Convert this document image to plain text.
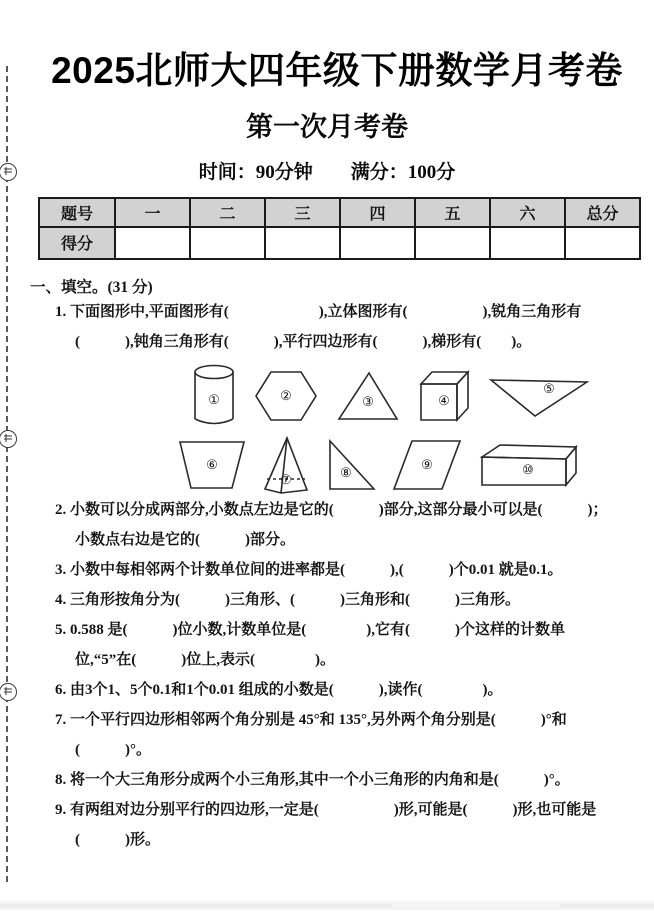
2025北师大四年级下册数学月考卷
第一次月考卷
时间：90分钟　　满分：100分
题号	一	二	三	四	五	六	总分
得分							
一、填空。(31 分)
1. 下面图形中,平面图形有(　　　　　　),立体图形有(　　　　　),锐角三角形有
(　　　),钝角三角形有(　　　),平行四边形有(　　　),梯形有(　　)。
①	②	③	④
⑤
⑥
⑦	⑧
⑨	⑩
2. 小数可以分成两部分,小数点左边是它的(　　　)部分,这部分最小可以是(　　　)；
小数点右边是它的(　　　)部分。
3. 小数中每相邻两个计数单位间的进率都是(　　　),(　　　)个0.01 就是0.1。
4. 三角形按角分为(　　　)三角形、(　　　)三角形和(　　　)三角形。
5. 0.588 是(　　　)位小数,计数单位是(　　　　),它有(　　　)个这样的计数单
位,“5”在(　　　)位上,表示(　　　　)。
6. 由3个1、5个0.1和1个0.01 组成的小数是(　　　),读作(　　　　)。
7. 一个平行四边形相邻两个角分别是 45°和 135°,另外两个角分别是(　　　)°和
(　　　)°。
8. 将一个大三角形分成两个小三角形,其中一个小三角形的内角和是(　　　)°。
9. 有两组对边分别平行的四边形,一定是(　　　　　)形,可能是(　　　)形,也可能是
(　　　)形。
